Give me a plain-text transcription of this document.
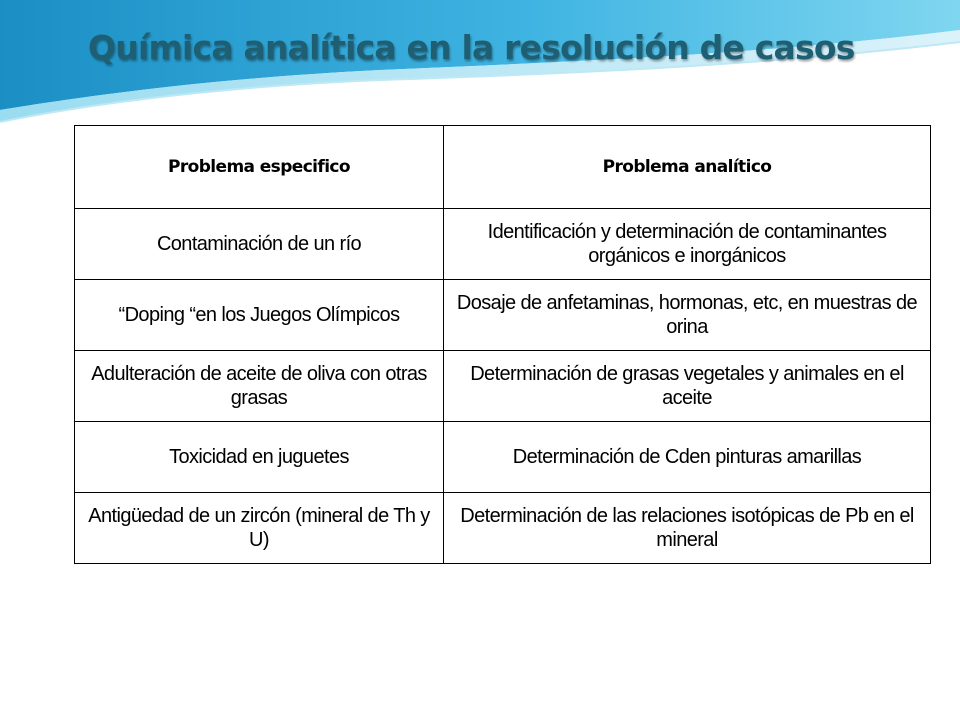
Química analítica en la resolución de casos
Problema especifico	Problema analítico
Contaminación de un río	Identificación y determinación de contaminantes orgánicos e inorgánicos
“Doping “en los Juegos Olímpicos	Dosaje de anfetaminas, hormonas, etc, en muestras de orina
Adulteración de aceite de oliva con otras grasas	Determinación de grasas vegetales y animales en el aceite
Toxicidad en juguetes	Determinación de Cden pinturas amarillas
Antigüedad de un zircón (mineral de Th y U)	Determinación de las relaciones isotópicas de Pb en el mineral
